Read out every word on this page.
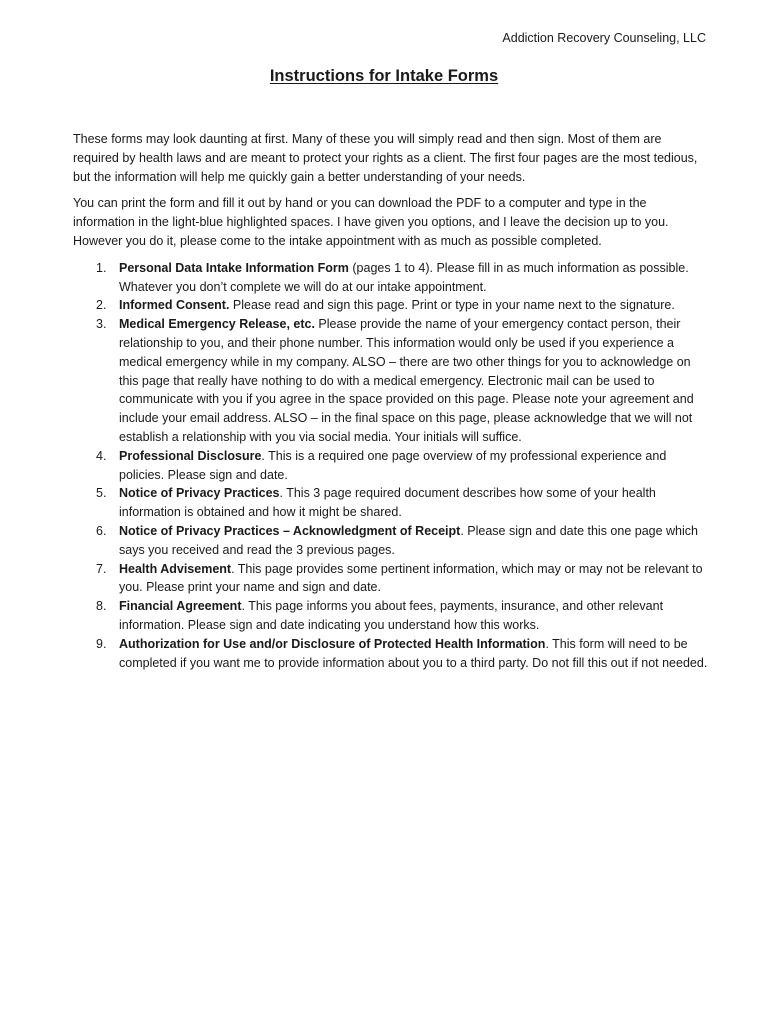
Addiction Recovery Counseling, LLC
Instructions for Intake Forms

These forms may look daunting at first. Many of these you will simply read and then sign. Most of them are required by health laws and are meant to protect your rights as a client. The first four pages are the most tedious, but the information will help me quickly gain a better understanding of your needs.

You can print the form and fill it out by hand or you can download the PDF to a computer and type in the information in the light-blue highlighted spaces. I have given you options, and I leave the decision up to you. However you do it, please come to the intake appointment with as much as possible completed.

1. Personal Data Intake Information Form (pages 1 to 4). Please fill in as much information as possible. Whatever you don’t complete we will do at our intake appointment.
2. Informed Consent. Please read and sign this page. Print or type in your name next to the signature.
3. Medical Emergency Release, etc. Please provide the name of your emergency contact person, their relationship to you, and their phone number. This information would only be used if you experience a medical emergency while in my company. ALSO – there are two other things for you to acknowledge on this page that really have nothing to do with a medical emergency. Electronic mail can be used to communicate with you if you agree in the space provided on this page. Please note your agreement and include your email address. ALSO – in the final space on this page, please acknowledge that we will not establish a relationship with you via social media. Your initials will suffice.
4. Professional Disclosure. This is a required one page overview of my professional experience and policies. Please sign and date.
5. Notice of Privacy Practices. This 3 page required document describes how some of your health information is obtained and how it might be shared.
6. Notice of Privacy Practices – Acknowledgment of Receipt. Please sign and date this one page which says you received and read the 3 previous pages.
7. Health Advisement. This page provides some pertinent information, which may or may not be relevant to you. Please print your name and sign and date.
8. Financial Agreement. This page informs you about fees, payments, insurance, and other relevant information. Please sign and date indicating you understand how this works.
9. Authorization for Use and/or Disclosure of Protected Health Information. This form will need to be completed if you want me to provide information about you to a third party. Do not fill this out if not needed.
